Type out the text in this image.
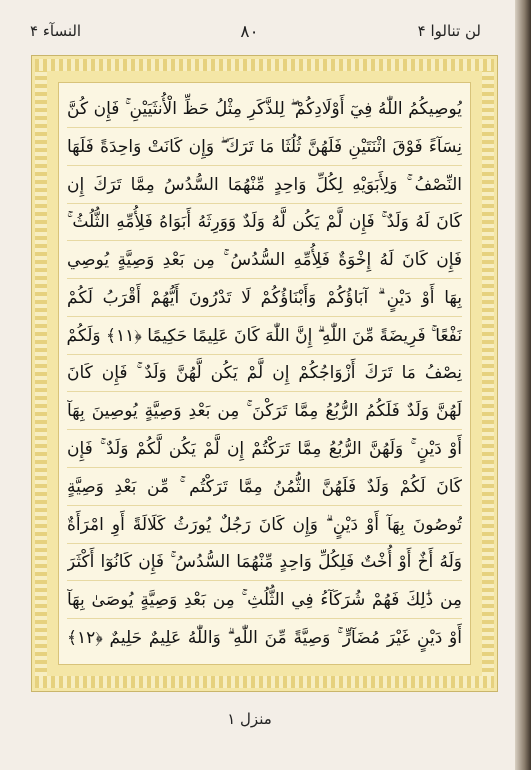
لن تنالوا ۴
٨٠
النسآء ۴
يُوصِيكُمُ اللّٰهُ فِيٓ أَوْلَادِكُمْ ۖ لِلذَّكَرِ مِثْلُ حَظِّ الْأُنثَيَيْنِ ۚ فَإِن كُنَّ
نِسَآءً فَوْقَ اثْنَتَيْنِ فَلَهُنَّ ثُلُثَا مَا تَرَكَ ۖ وَإِن كَانَتْ وَاحِدَةً فَلَهَا
النِّصْفُ ۚ وَلِأَبَوَيْهِ لِكُلِّ وَاحِدٍ مِّنْهُمَا السُّدُسُ مِمَّا تَرَكَ إِن
كَانَ لَهُ وَلَدٌ ۚ فَإِن لَّمْ يَكُن لَّهُ وَلَدٌ وَوَرِثَهُ أَبَوَاهُ فَلِأُمِّهِ الثُّلُثُ ۚ
فَإِن كَانَ لَهُ إِخْوَةٌ فَلِأُمِّهِ السُّدُسُ ۚ مِن بَعْدِ وَصِيَّةٍ يُوصِي
بِهَا أَوْ دَيْنٍ ۗ آبَاؤُكُمْ وَأَبْنَاؤُكُمْ لَا تَدْرُونَ أَيُّهُمْ أَقْرَبُ لَكُمْ
نَفْعًا ۚ فَرِيضَةً مِّنَ اللّٰهِ ۗ إِنَّ اللّٰهَ كَانَ عَلِيمًا حَكِيمًا ﴿١١﴾ وَلَكُمْ
نِصْفُ مَا تَرَكَ أَزْوَاجُكُمْ إِن لَّمْ يَكُن لَّهُنَّ وَلَدٌ ۚ فَإِن كَانَ
لَهُنَّ وَلَدٌ فَلَكُمُ الرُّبُعُ مِمَّا تَرَكْنَ ۚ مِن بَعْدِ وَصِيَّةٍ يُوصِينَ بِهَآ
أَوْ دَيْنٍ ۚ وَلَهُنَّ الرُّبُعُ مِمَّا تَرَكْتُمْ إِن لَّمْ يَكُن لَّكُمْ وَلَدٌ ۚ فَإِن
كَانَ لَكُمْ وَلَدٌ فَلَهُنَّ الثُّمُنُ مِمَّا تَرَكْتُم ۚ مِّن بَعْدِ وَصِيَّةٍ
تُوصُونَ بِهَآ أَوْ دَيْنٍ ۗ وَإِن كَانَ رَجُلٌ يُورَثُ كَلَالَةً أَوِ امْرَأَةٌ
وَلَهُ أَخٌ أَوْ أُخْتٌ فَلِكُلِّ وَاحِدٍ مِّنْهُمَا السُّدُسُ ۚ فَإِن كَانُوٓا أَكْثَرَ
مِن ذَٰلِكَ فَهُمْ شُرَكَآءُ فِي الثُّلُثِ ۚ مِن بَعْدِ وَصِيَّةٍ يُوصَىٰ بِهَآ
أَوْ دَيْنٍ غَيْرَ مُضَآرٍّ ۚ وَصِيَّةً مِّنَ اللّٰهِ ۗ وَاللّٰهُ عَلِيمٌ حَلِيمٌ ﴿١٢﴾
منزل ۱
